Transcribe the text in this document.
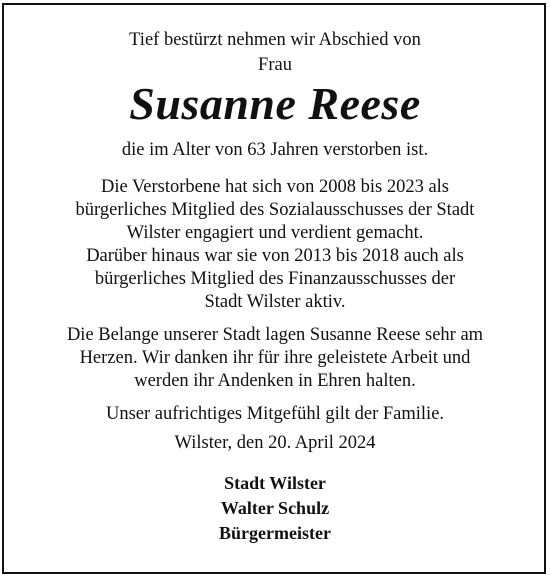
Tief bestürzt nehmen wir Abschied von
Frau
Susanne Reese
die im Alter von 63 Jahren verstorben ist.
Die Verstorbene hat sich von 2008 bis 2023 als
bürgerliches Mitglied des Sozialausschusses der Stadt
Wilster engagiert und verdient gemacht.
Darüber hinaus war sie von 2013 bis 2018 auch als
bürgerliches Mitglied des Finanzausschusses der
Stadt Wilster aktiv.
Die Belange unserer Stadt lagen Susanne Reese sehr am
Herzen. Wir danken ihr für ihre geleistete Arbeit und
werden ihr Andenken in Ehren halten.
Unser aufrichtiges Mitgefühl gilt der Familie.
Wilster, den 20. April 2024
Stadt Wilster
Walter Schulz
Bürgermeister
